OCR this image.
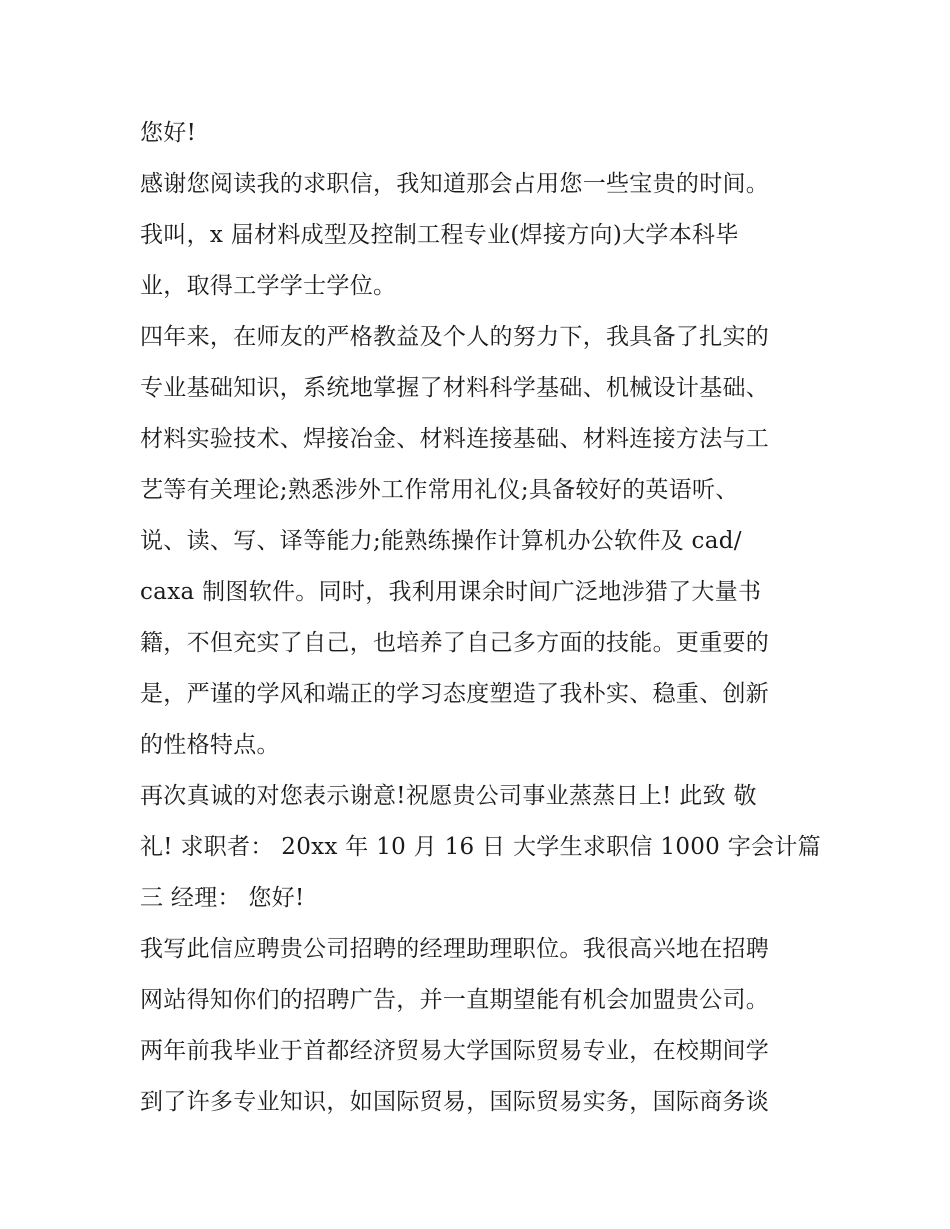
您好!
感谢您阅读我的求职信，我知道那会占用您一些宝贵的时间。
我叫，x 届材料成型及控制工程专业(焊接方向)大学本科毕
业，取得工学学士学位。
四年来，在师友的严格教益及个人的努力下，我具备了扎实的
专业基础知识，系统地掌握了材料科学基础、机械设计基础、
材料实验技术、焊接冶金、材料连接基础、材料连接方法与工
艺等有关理论;熟悉涉外工作常用礼仪;具备较好的英语听、
说、读、写、译等能力;能熟练操作计算机办公软件及 cad/
caxa 制图软件。同时，我利用课余时间广泛地涉猎了大量书
籍，不但充实了自己，也培养了自己多方面的技能。更重要的
是，严谨的学风和端正的学习态度塑造了我朴实、稳重、创新
的性格特点。
再次真诚的对您表示谢意!祝愿贵公司事业蒸蒸日上! 此致 敬
礼! 求职者： 20xx 年 10 月 16 日 大学生求职信 1000 字会计篇
三 经理： 您好!
我写此信应聘贵公司招聘的经理助理职位。我很高兴地在招聘
网站得知你们的招聘广告，并一直期望能有机会加盟贵公司。
两年前我毕业于首都经济贸易大学国际贸易专业，在校期间学
到了许多专业知识，如国际贸易，国际贸易实务，国际商务谈
